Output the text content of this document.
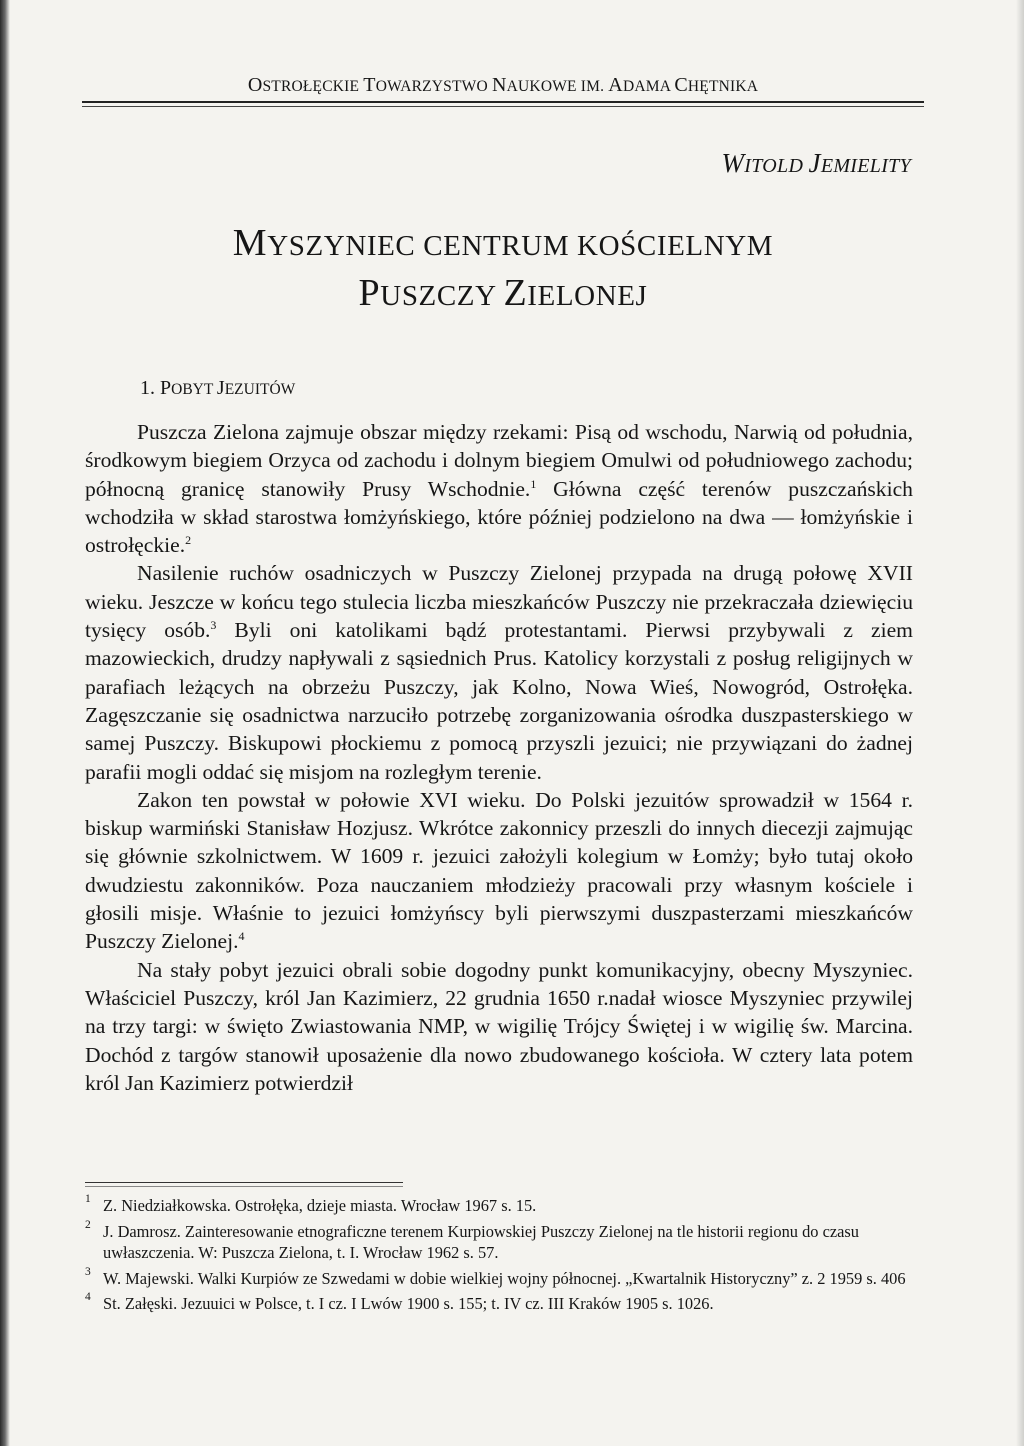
OSTROŁĘCKIE TOWARZYSTWO NAUKOWE IM. ADAMA CHĘTNIKA
WITOLD JEMIELITY
MYSZYNIEC CENTRUM KOŚCIELNYM
PUSZCZY ZIELONEJ
1. POBYT JEZUITÓW

Puszcza Zielona zajmuje obszar między rzekami: Pisą od wschodu, Narwią od południa, środkowym biegiem Orzyca od zachodu i dolnym biegiem Omulwi od południowego zachodu; północną granicę stanowiły Prusy Wschodnie.$^1$ Główna część terenów puszczańskich wchodziła w skład starostwa łomżyńskiego, które później podzielono na dwa — łomżyńskie i ostrołęckie.$^2$

Nasilenie ruchów osadniczych w Puszczy Zielonej przypada na drugą połowę XVII wieku. Jeszcze w końcu tego stulecia liczba mieszkańców Puszczy nie przekraczała dziewięciu tysięcy osób.$^3$ Byli oni katolikami bądź protestantami. Pierwsi przybywali z ziem mazowieckich, drudzy napływali z sąsiednich Prus. Katolicy korzystali z posług religijnych w parafiach leżących na obrzeżu Puszczy, jak Kolno, Nowa Wieś, Nowogród, Ostrołęka. Zagęszczanie się osadnictwa narzuciło potrzebę zorganizowania ośrodka duszpasterskiego w samej Puszczy. Biskupowi płockiemu z pomocą przyszli jezuici; nie przywiązani do żadnej parafii mogli oddać się misjom na rozległym terenie.

Zakon ten powstał w połowie XVI wieku. Do Polski jezuitów sprowadził w 1564 r. biskup warmiński Stanisław Hozjusz. Wkrótce zakonnicy przeszli do innych diecezji zajmując się głównie szkolnictwem. W 1609 r. jezuici założyli kolegium w Łomży; było tutaj około dwudziestu zakonników. Poza nauczaniem młodzieży pracowali przy własnym kościele i głosili misje. Właśnie to jezuici łomżyńscy byli pierwszymi duszpasterzami mieszkańców Puszczy Zielonej.$^4$

Na stały pobyt jezuici obrali sobie dogodny punkt komunikacyjny, obecny Myszyniec. Właściciel Puszczy, król Jan Kazimierz, 22 grudnia 1650 r.nadał wiosce Myszyniec przywilej na trzy targi: w święto Zwiastowania NMP, w wigilię Trójcy Świętej i w wigilię św. Marcina. Dochód z targów stanowił uposażenie dla nowo zbudowanego kościoła. W cztery lata potem król Jan Kazimierz potwierdził

1 Z. Niedziałkowska. Ostrołęka, dzieje miasta. Wrocław 1967 s. 15.
2 J. Damrosz. Zainteresowanie etnograficzne terenem Kurpiowskiej Puszczy Zielonej na tle historii regionu do czasu uwłaszczenia. W: Puszcza Zielona, t. I. Wrocław 1962 s. 57.
3 W. Majewski. Walki Kurpiów ze Szwedami w dobie wielkiej wojny północnej. „Kwartalnik Historyczny” z. 2 1959 s. 406
4 St. Załęski. Jezuuici w Polsce, t. I cz. I Lwów 1900 s. 155; t. IV cz. III Kraków 1905 s. 1026.
